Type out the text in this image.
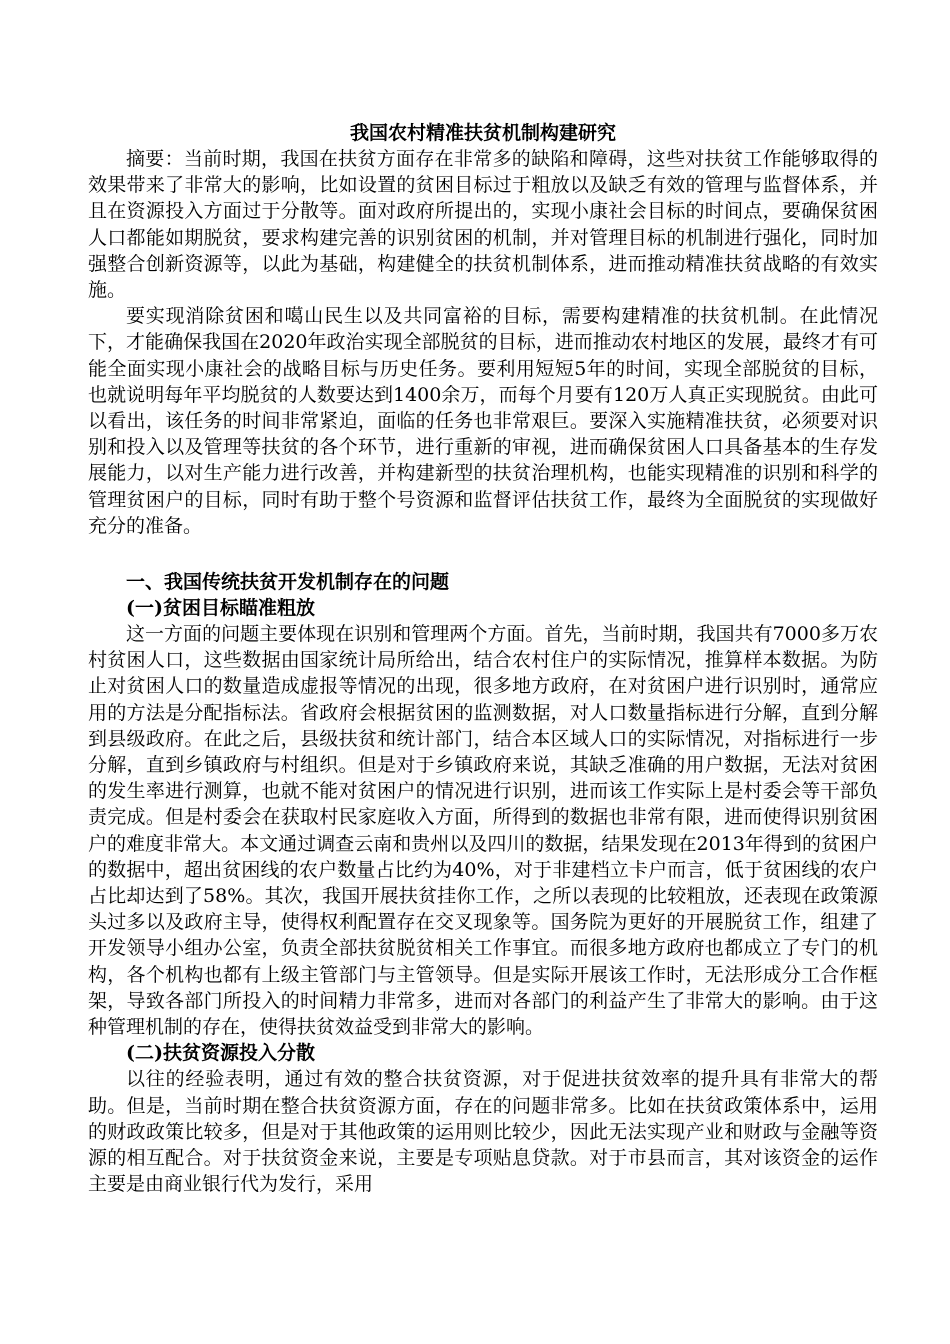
我国农村精准扶贫机制构建研究

摘要：当前时期，我国在扶贫方面存在非常多的缺陷和障碍，这些对扶贫工作能够取得的效果带来了非常大的影响，比如设置的贫困目标过于粗放以及缺乏有效的管理与监督体系，并且在资源投入方面过于分散等。面对政府所提出的，实现小康社会目标的时间点，要确保贫困人口都能如期脱贫，要求构建完善的识别贫困的机制，并对管理目标的机制进行强化，同时加强整合创新资源等，以此为基础，构建健全的扶贫机制体系，进而推动精准扶贫战略的有效实施。

要实现消除贫困和噶山民生以及共同富裕的目标，需要构建精准的扶贫机制。在此情况下，才能确保我国在2020年政治实现全部脱贫的目标，进而推动农村地区的发展，最终才有可能全面实现小康社会的战略目标与历史任务。要利用短短5年的时间，实现全部脱贫的目标，也就说明每年平均脱贫的人数要达到1400余万，而每个月要有120万人真正实现脱贫。由此可以看出，该任务的时间非常紧迫，面临的任务也非常艰巨。要深入实施精准扶贫，必须要对识别和投入以及管理等扶贫的各个环节，进行重新的审视，进而确保贫困人口具备基本的生存发展能力，以对生产能力进行改善，并构建新型的扶贫治理机构，也能实现精准的识别和科学的管理贫困户的目标，同时有助于整个号资源和监督评估扶贫工作，最终为全面脱贫的实现做好充分的准备。

一、我国传统扶贫开发机制存在的问题
(一)贫困目标瞄准粗放

这一方面的问题主要体现在识别和管理两个方面。首先，当前时期，我国共有7000多万农村贫困人口，这些数据由国家统计局所给出，结合农村住户的实际情况，推算样本数据。为防止对贫困人口的数量造成虚报等情况的出现，很多地方政府，在对贫困户进行识别时，通常应用的方法是分配指标法。省政府会根据贫困的监测数据，对人口数量指标进行分解，直到分解到县级政府。在此之后，县级扶贫和统计部门，结合本区域人口的实际情况，对指标进行一步分解，直到乡镇政府与村组织。但是对于乡镇政府来说，其缺乏准确的用户数据，无法对贫困的发生率进行测算，也就不能对贫困户的情况进行识别，进而该工作实际上是村委会等干部负责完成。但是村委会在获取村民家庭收入方面，所得到的数据也非常有限，进而使得识别贫困户的难度非常大。本文通过调查云南和贵州以及四川的数据，结果发现在2013年得到的贫困户的数据中，超出贫困线的农户数量占比约为40%，对于非建档立卡户而言，低于贫困线的农户占比却达到了58%。其次，我国开展扶贫挂你工作，之所以表现的比较粗放，还表现在政策源头过多以及政府主导，使得权利配置存在交叉现象等。国务院为更好的开展脱贫工作，组建了开发领导小组办公室，负责全部扶贫脱贫相关工作事宜。而很多地方政府也都成立了专门的机构，各个机构也都有上级主管部门与主管领导。但是实际开展该工作时，无法形成分工合作框架，导致各部门所投入的时间精力非常多，进而对各部门的利益产生了非常大的影响。由于这种管理机制的存在，使得扶贫效益受到非常大的影响。

(二)扶贫资源投入分散

以往的经验表明，通过有效的整合扶贫资源，对于促进扶贫效率的提升具有非常大的帮助。但是，当前时期在整合扶贫资源方面，存在的问题非常多。比如在扶贫政策体系中，运用的财政政策比较多，但是对于其他政策的运用则比较少，因此无法实现产业和财政与金融等资源的相互配合。对于扶贫资金来说，主要是专项贴息贷款。对于市县而言，其对该资金的运作主要是由商业银行代为发行，采用
